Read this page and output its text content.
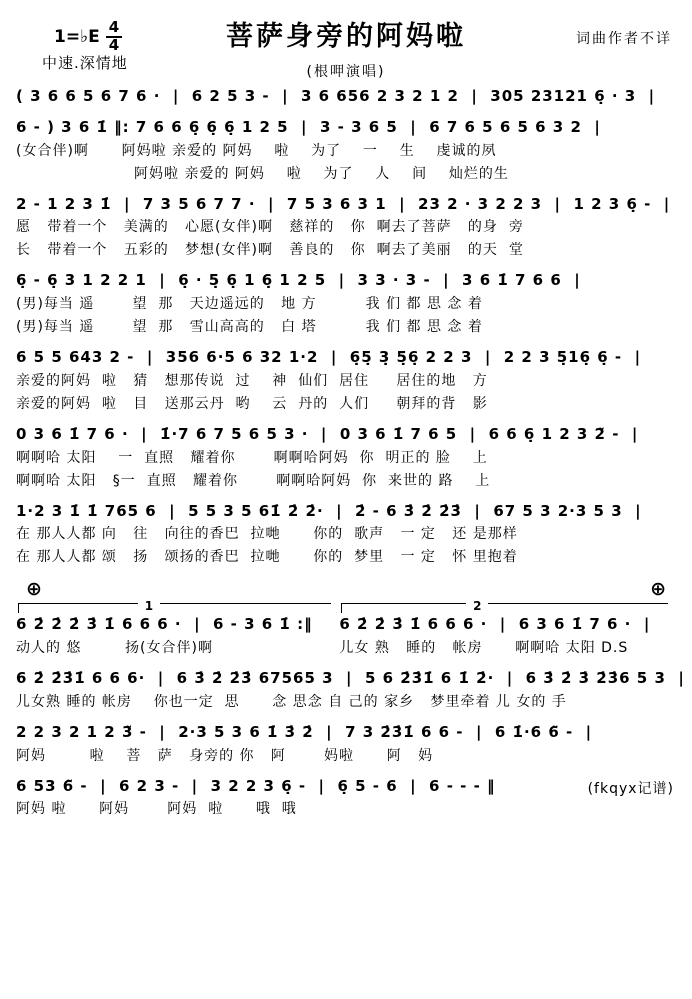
1=♭E $\frac{4}{4}$
中速.深情地
菩萨身旁的阿妈啦
(根呷演唱)
词曲作者不详
( 3 6 6 5 6 7 6 ·  |  6 2 5 3 -  |  3 6 656 2 3 2 1 2  |  305 23121 6̣ · 3  |
6 - ) 3 6 1̇ ‖: 7 6 6 6̣ 6̣ 6̣ 1 2 5  |  3 - 3 6 5  |  6 7 6 5 6 5 6 3 2  |
(女合伴)啊      阿妈啦 亲爱的 阿妈    啦    为了    一    生    虔诚的夙
阿妈啦 亲爱的 阿妈    啦    为了    人    间    灿烂的生
2 - 1 2 3 1̇  |  7 3 5 6 7 7 ·  |  7 5 3 6 3 1  |  23 2 · 3 2 2 3  |  1 2 3 6̣ -  |
愿   带着一个   美满的   心愿(女伴)啊   慈祥的   你  啊去了菩萨   的身  旁
长   带着一个   五彩的   梦想(女伴)啊   善良的   你  啊去了美丽   的天  堂
6̣ - 6̣ 3 1 2 2 1  |  6̣ · 5̣ 6̣ 1 6̣ 1 2 5  |  3 3 · 3 -  |  3 6 1̇ 7 6 6  |
(男)每当 遥       望  那   天边遥远的   地 方         我 们 都 思 念 着
(男)每当 遥       望  那   雪山高高的   白 塔         我 们 都 思 念 着
6 5 5 643 2 -  |  356 6·5 6 32 1·2  |  6̣5̣ 3̣ 5̣6̣ 2 2 3  |  2 2 3 5̣16̣ 6̣ -  |
亲爱的阿妈  啦   猜   想那传说  过    神  仙们  居住     居住的地   方
亲爱的阿妈  啦   目   送那云丹  哟    云  丹的  人们     朝拜的背   影
0 3 6 1̇ 7 6 ·  |  1̇·7 6 7 5 6 5 3 ·  |  0 3 6 1̇ 7 6 5  |  6 6 6̣ 1 2 3 2̃ -  |
啊啊哈 太阳    一  直照   耀着你       啊啊哈阿妈  你  明正的 脸    上
啊啊哈 太阳   §一  直照   耀着你       啊啊哈阿妈  你  来世的 路    上
1·2 3 1̇ 1̇ 765 6  |  5 5 3 5 61̇ 2̇ 2̇·  |  2̇ - 6 3̇ 2̇ 2̇3̇  |  67 5 3 2·3 5 3  |
在 那人人都 向   往   向往的香巴  拉哋      你的  歌声   一 定   还 是那样
在 那人人都 颂   扬   颂扬的香巴  拉哋      你的  梦里   一 定   怀 里抱着
⊕	⊕
1
6 2̇ 2̇ 2̇ 3̇ 1̇ 6 6 6 ·  |  6 - 3 6 1̇ :‖
动人的 悠        扬(女合伴)啊
2
6 2̇ 2̇ 3̇ 1̇ 6 6 6 ·  |  6 3 6 1̇ 7 6 ·  |
儿女 熟   睡的   帐房      啊啊哈 太阳 D.S
6 2̇ 2̇3̇1̇ 6 6 6·  |  6 3̇ 2̇ 2̇3̇ 67565 3  |  5 6 2̇3̇1̇ 6 1̇ 2̇·  |  6 3̇ 2̇ 3̇ 2̇3̇6 5 3  |
儿女熟 睡的 帐房    你也一定  思      念 思念 自 己的 家乡   梦里牵着 儿 女的 手
2 2 3 2 1 2 3̃ -  |  2·3 5 3 6 1̇ 3̇ 2̇  |  7 3 2̇3̇1̇ 6 6 -  |  6 1̇·6 6̃ -  |
阿妈        啦    菩   萨   身旁的 你   阿       妈啦      阿   妈
6 53 6̃ -  |  6 2 3 -  |  3 2 2 3 6̣ -  |  6̣ 5 - 6  |  6 - - - ‖
阿妈 啦      阿妈       阿妈  啦      哦  哦
(fkqyx记谱)
